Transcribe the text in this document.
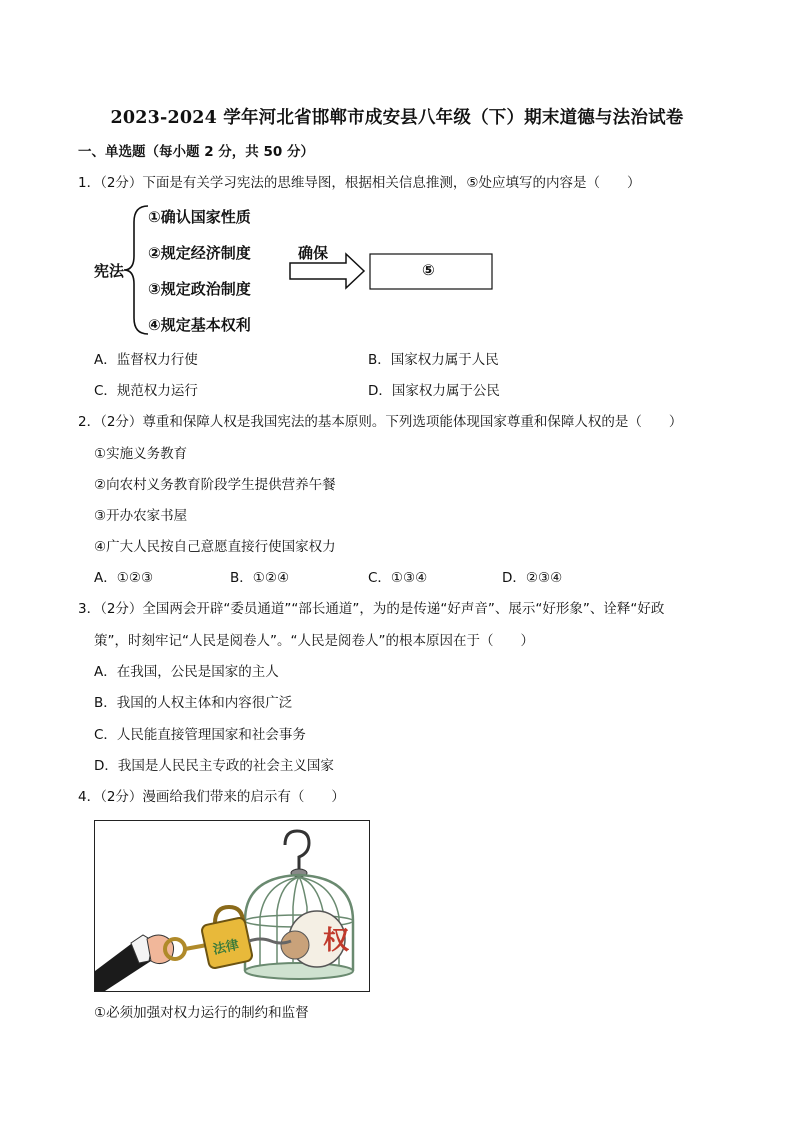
2023-2024 学年河北省邯郸市成安县八年级（下）期末道德与法治试卷
一、单选题（每小题 2 分，共 50 分）
1．（2分）下面是有关学习宪法的思维导图，根据相关信息推测，⑤处应填写的内容是（　　）
宪法
①确认国家性质
②规定经济制度
③规定政治制度
④规定基本权利
确保
⑤
A．监督权力行使	B．国家权力属于人民
C．规范权力运行	D．国家权力属于公民
2．（2分）尊重和保障人权是我国宪法的基本原则。下列选项能体现国家尊重和保障人权的是（　　）
①实施义务教育
②向农村义务教育阶段学生提供营养午餐
③开办农家书屋
④广大人民按自己意愿直接行使国家权力
A．①②③	B．①②④	C．①③④	D．②③④
3．（2分）全国两会开辟“委员通道”“部长通道”，为的是传递“好声音”、展示“好形象”、诠释“好政
策”，时刻牢记“人民是阅卷人”。“人民是阅卷人”的根本原因在于（　　）
A．在我国，公民是国家的主人
B．我国的人权主体和内容很广泛
C．人民能直接管理国家和社会事务
D．我国是人民民主专政的社会主义国家
4．（2分）漫画给我们带来的启示有（　　）
权
法律
①必须加强对权力运行的制约和监督
